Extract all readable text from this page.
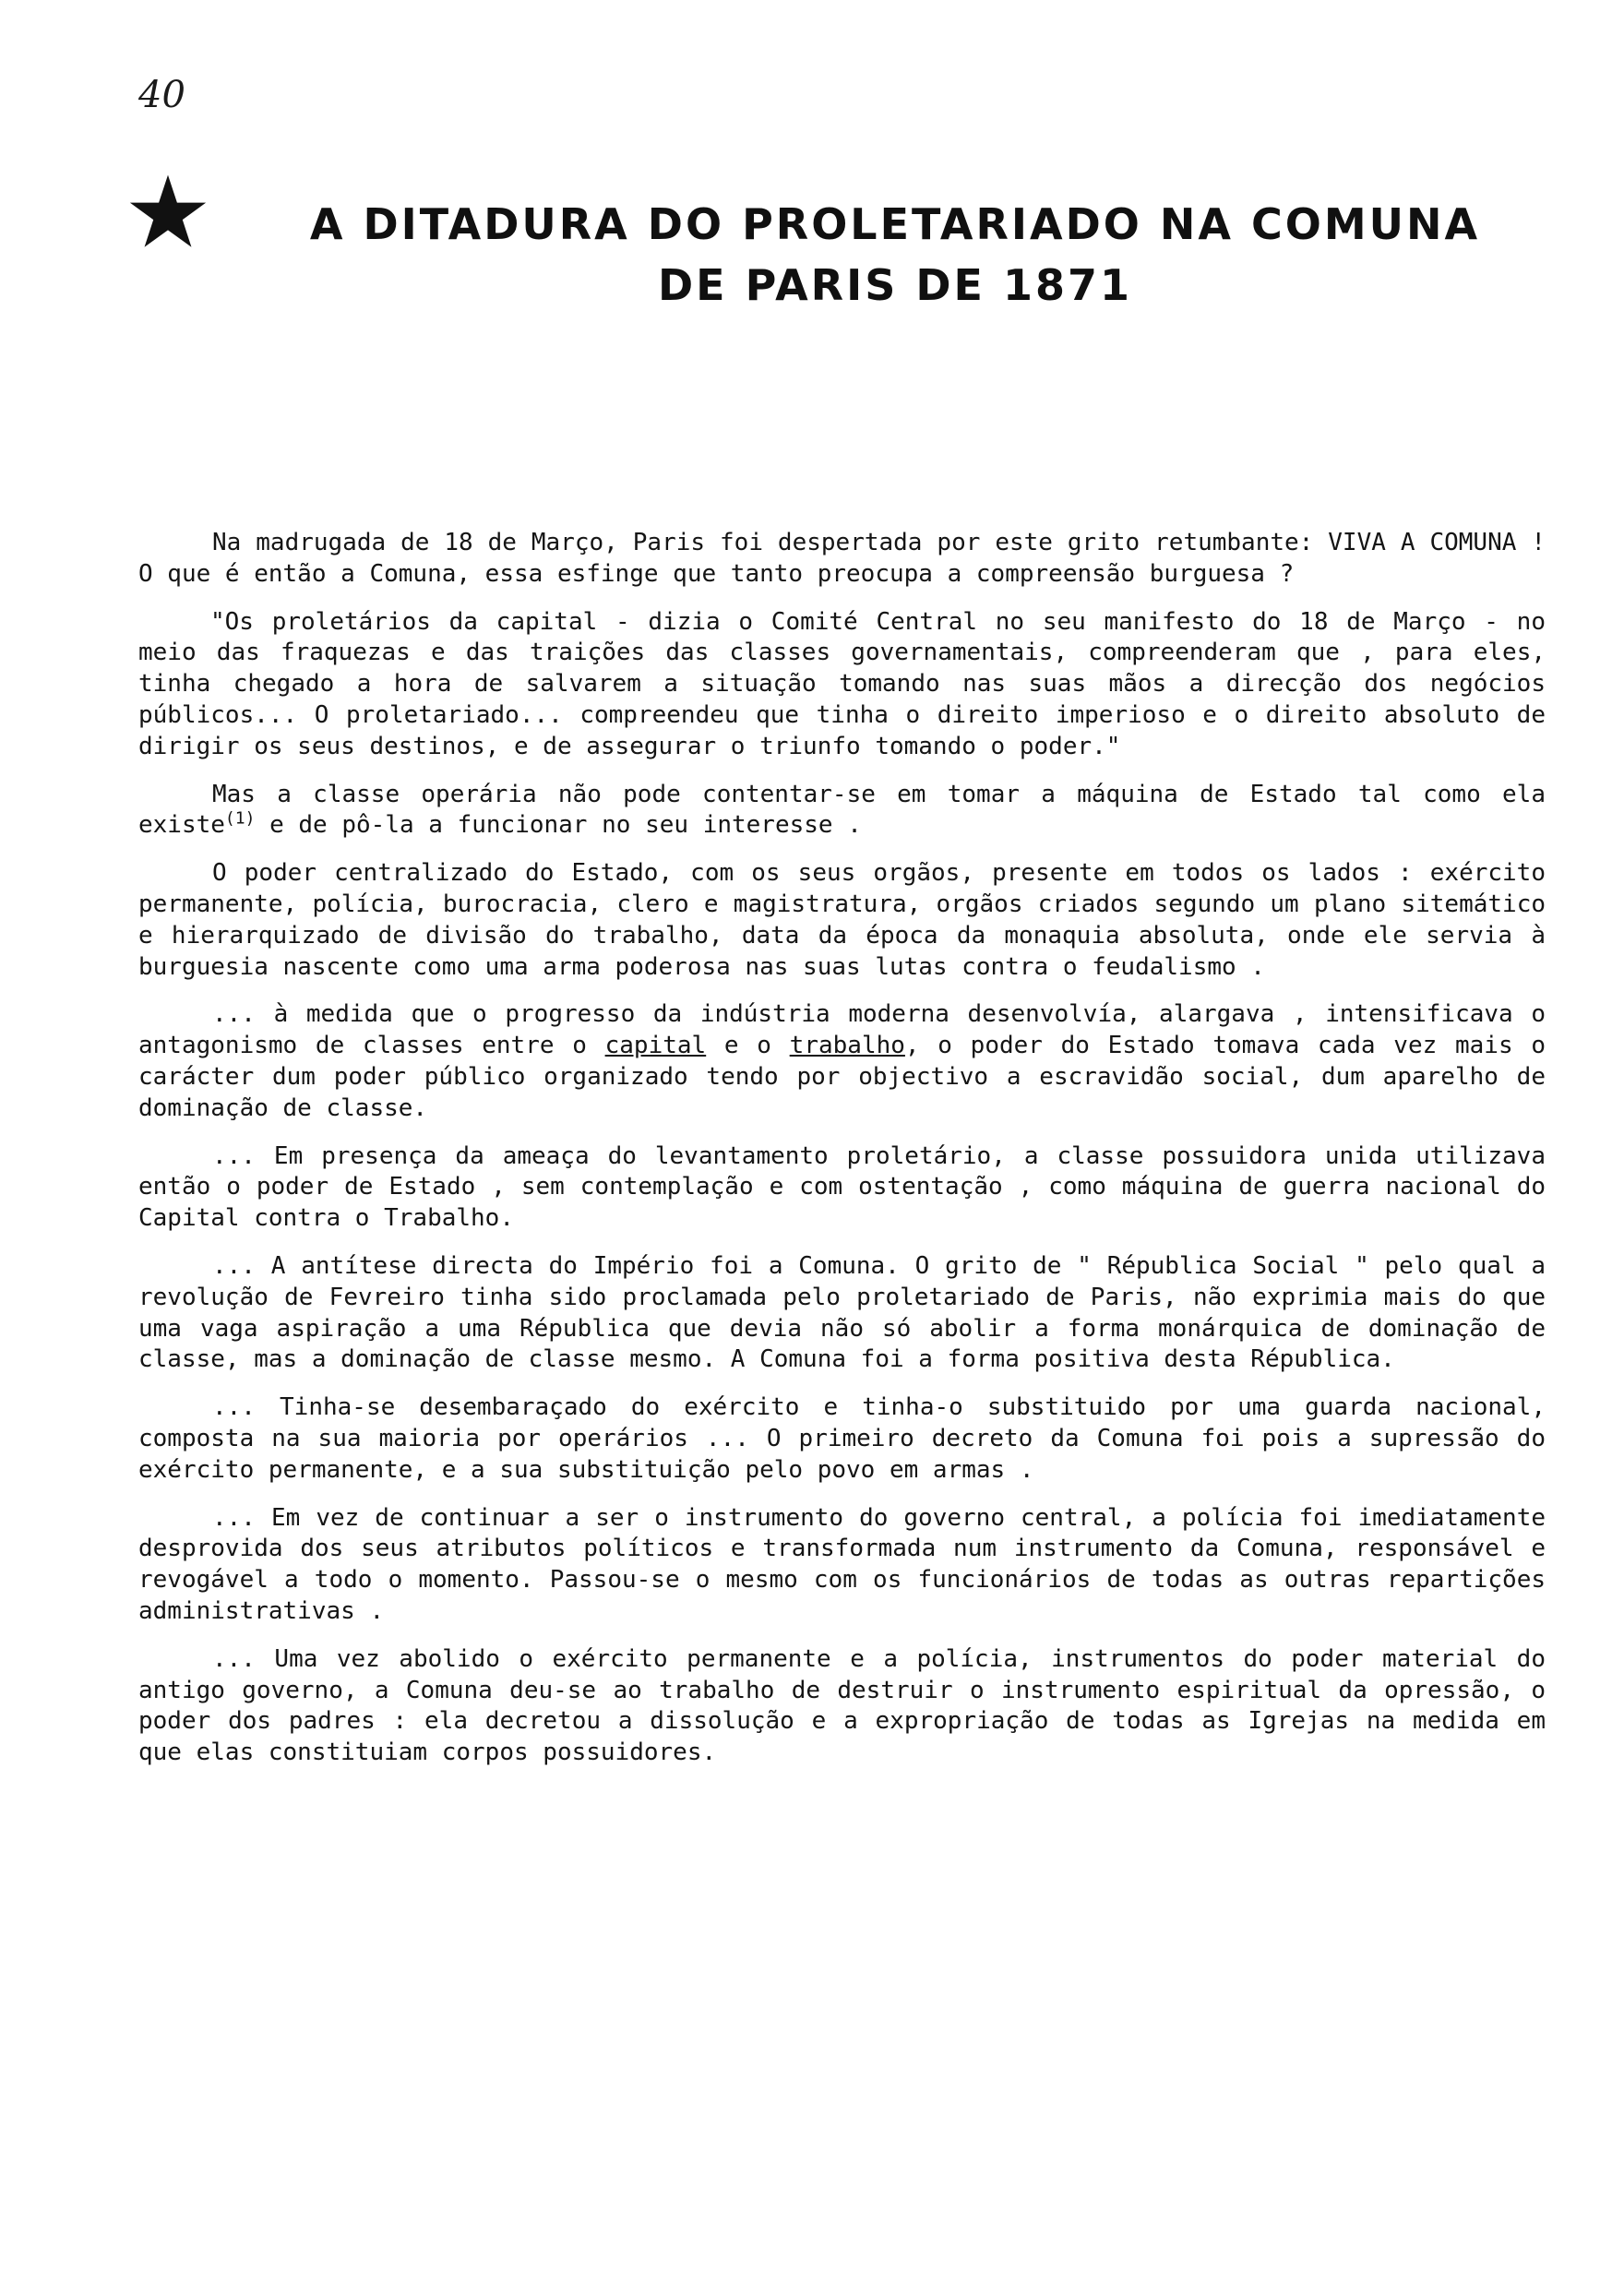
40
A DITADURA DO PROLETARIADO NA COMUNA
DE PARIS DE 1871

Na madrugada de 18 de Março, Paris foi despertada por este grito retumbante: VIVA A COMUNA ! O que é então a Comuna, essa esfinge que tanto preocupa a compreensão burguesa ?

"Os proletários da capital - dizia o Comité Central no seu manifesto do 18 de Março - no meio das fraquezas e das traições das classes governamentais, compreenderam que , para eles, tinha chegado a hora de salvarem a situação tomando nas suas mãos a direcção dos negócios públicos... O proletariado... compreendeu que tinha o direito imperioso e o direito absoluto de dirigir os seus destinos, e de assegurar o triunfo tomando o poder."

Mas a classe operária não pode contentar-se em tomar a máquina de Estado tal como ela existe$^{(1)}$ e de pô-la a funcionar no seu interesse .

O poder centralizado do Estado, com os seus orgãos, presente em todos os lados : exército permanente, polícia, burocracia, clero e magistratura, orgãos criados segundo um plano sitemático e hierarquizado de divisão do trabalho, data da época da monaquia absoluta, onde ele servia à burguesia nascente como uma arma poderosa nas suas lutas contra o feudalismo .

... à medida que o progresso da indústria moderna desenvolvía, alargava , intensificava o antagonismo de classes entre o capital e o trabalho, o poder do Estado tomava cada vez mais o carácter dum poder público organizado tendo por objectivo a escravidão social, dum aparelho de dominação de classe.

... Em presença da ameaça do levantamento proletário, a classe possuidora unida utilizava então o poder de Estado , sem contemplação e com ostentação , como máquina de guerra nacional do Capital contra o Trabalho.

... A antítese directa do Império foi a Comuna. O grito de " Républica Social " pelo qual a revolução de Fevreiro tinha sido proclamada pelo proletariado de Paris, não exprimia mais do que uma vaga aspiração a uma Républica que devia não só abolir a forma monárquica de dominação de classe, mas a dominação de classe mesmo. A Comuna foi a forma positiva desta Républica.

... Tinha-se desembaraçado do exército e tinha-o substituido por uma guarda nacional, composta na sua maioria por operários ... O primeiro decreto da Comuna foi pois a supressão do exército permanente, e a sua substituição pelo povo em armas .

... Em vez de continuar a ser o instrumento do governo central, a polícia foi imediatamente desprovida dos seus atributos políticos e transformada num instrumento da Comuna, responsável e revogável a todo o momento. Passou-se o mesmo com os funcionários de todas as outras repartições administrativas .

... Uma vez abolido o exército permanente e a polícia, instrumentos do poder material do antigo governo, a Comuna deu-se ao trabalho de destruir o instrumento espiritual da opressão, o poder dos padres : ela decretou a dissolução e a expropriação de todas as Igrejas na medida em que elas constituiam corpos possuidores.
